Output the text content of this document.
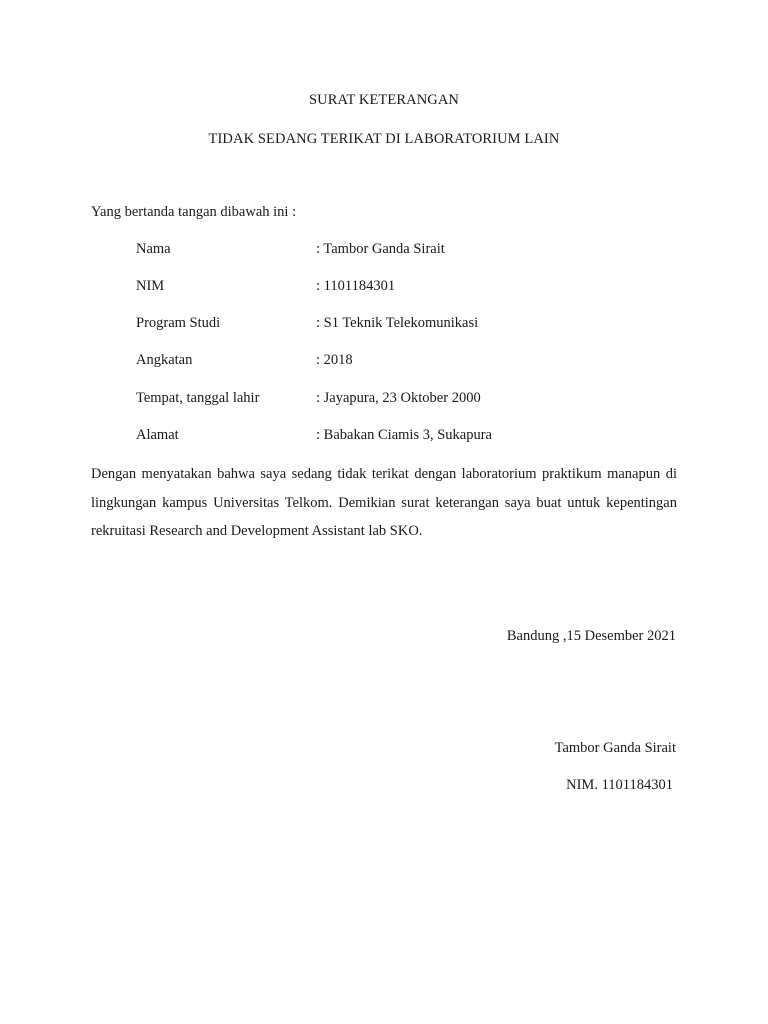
SURAT KETERANGAN
TIDAK SEDANG TERIKAT DI LABORATORIUM LAIN
Yang bertanda tangan dibawah ini :
Nama	: Tambor Ganda Sirait
NIM	: 1101184301
Program Studi	: S1 Teknik Telekomunikasi
Angkatan	: 2018
Tempat, tanggal lahir	: Jayapura, 23 Oktober 2000
Alamat	: Babakan Ciamis 3, Sukapura
Dengan menyatakan bahwa saya sedang tidak terikat dengan laboratorium praktikum manapun di lingkungan kampus Universitas Telkom. Demikian surat keterangan saya buat untuk kepentingan rekruitasi Research and Development Assistant lab SKO.
Bandung ,15 Desember 2021
Tambor Ganda Sirait
NIM. 1101184301
